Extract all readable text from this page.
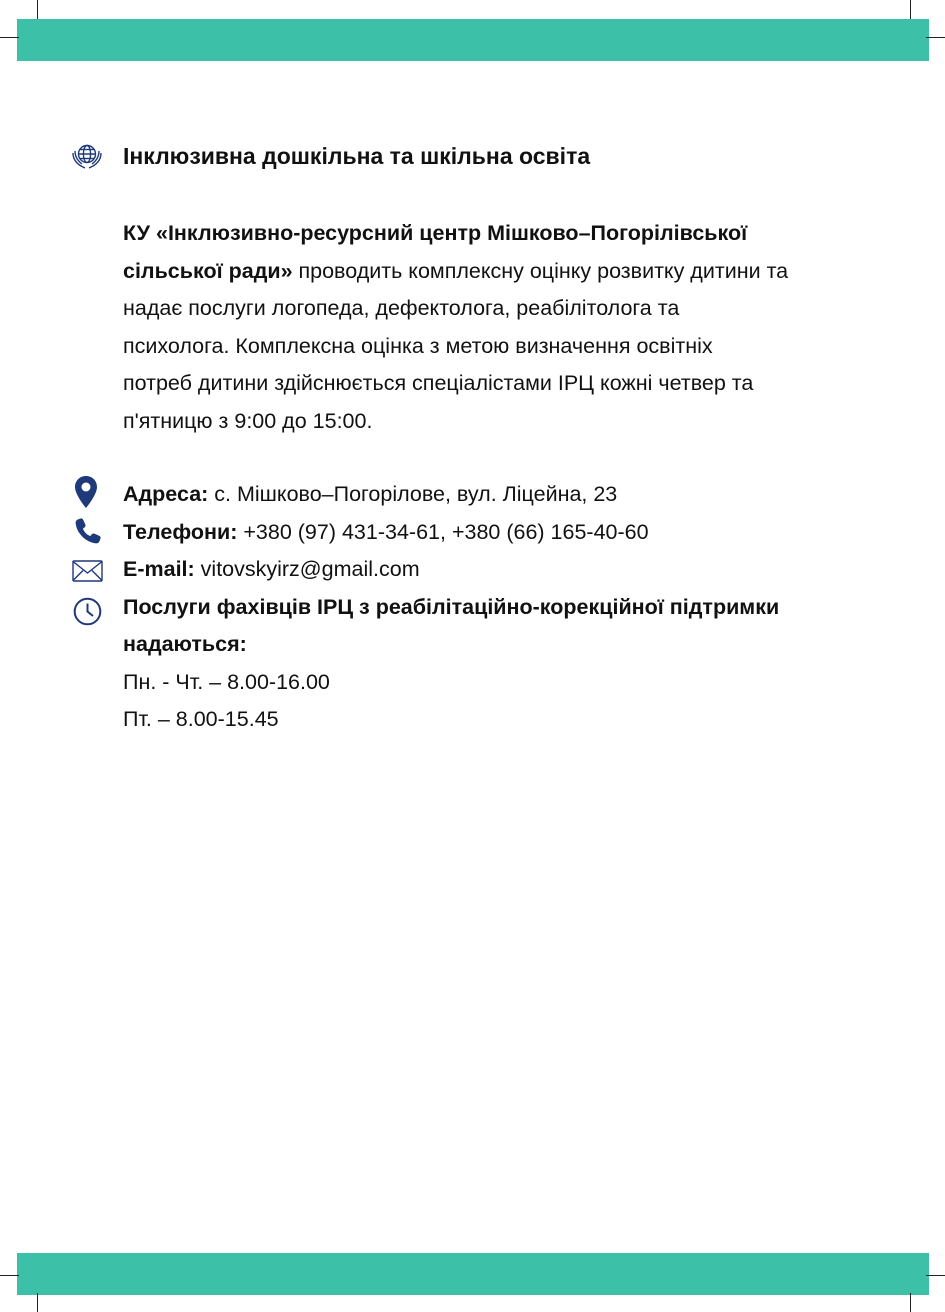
Інклюзивна дошкільна та шкільна освіта
КУ «Інклюзивно-ресурсний центр Мішково–Погорілівської
сільської ради» проводить комплексну оцінку розвитку дитини та
надає послуги логопеда, дефектолога, реабілітолога та
психолога. Комплексна оцінка з метою визначення освітніх
потреб дитини здійснюється спеціалістами ІРЦ кожні четвер та
п'ятницю з 9:00 до 15:00.

Адреса: с. Мішково–Погорілове, вул. Ліцейна, 23

Телефони: +380 (97) 431-34-61, +380 (66) 165-40-60

E-mail: vitovskyirz@gmail.com

Послуги фахівців ІРЦ з реабілітаційно-корекційної підтримки

надаються:

Пн. - Чт. – 8.00-16.00

Пт. – 8.00-15.45
